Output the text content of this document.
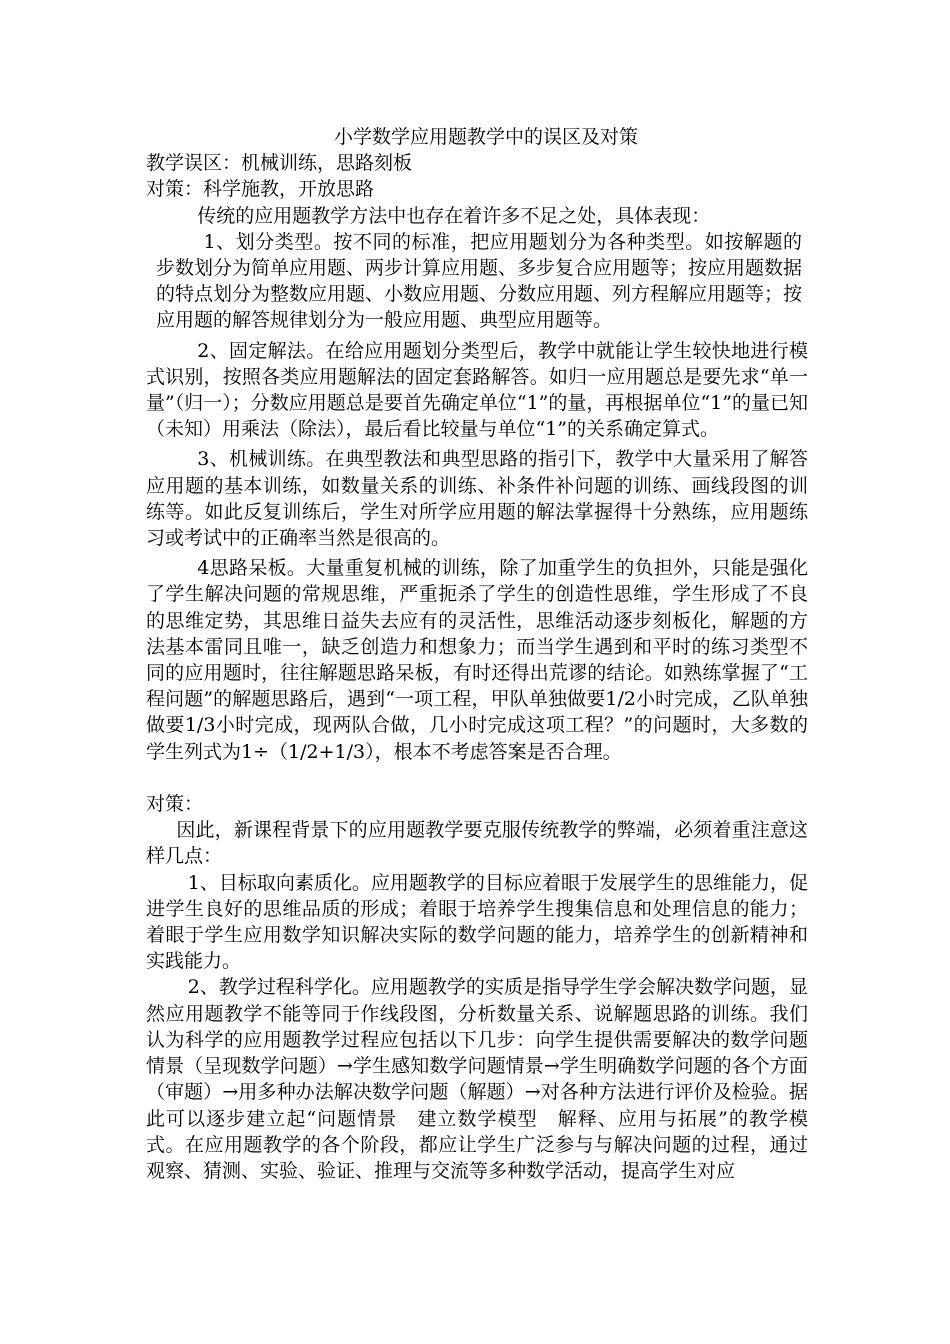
小学数学应用题教学中的误区及对策

教学误区：机械训练，思路刻板

对策：科学施教，开放思路

传统的应用题教学方法中也存在着许多不足之处，具体表现：

1、划分类型。按不同的标准，把应用题划分为各种类型。如按解题的步数划分为简单应用题、两步计算应用题、多步复合应用题等；按应用题数据的特点划分为整数应用题、小数应用题、分数应用题、列方程解应用题等；按应用题的解答规律划分为一般应用题、典型应用题等。

2、固定解法。在给应用题划分类型后，教学中就能让学生较快地进行模式识别，按照各类应用题解法的固定套路解答。如归一应用题总是要先求“单一量”（归一）；分数应用题总是要首先确定单位“1”的量，再根据单位“1”的量已知（未知）用乘法（除法），最后看比较量与单位“1”的关系确定算式。

3、机械训练。在典型教法和典型思路的指引下，教学中大量采用了解答应用题的基本训练，如数量关系的训练、补条件补问题的训练、画线段图的训练等。如此反复训练后，学生对所学应用题的解法掌握得十分熟练，应用题练习或考试中的正确率当然是很高的。

4思路呆板。大量重复机械的训练，除了加重学生的负担外，只能是强化了学生解决问题的常规思维，严重扼杀了学生的创造性思维，学生形成了不良的思维定势，其思维日益失去应有的灵活性，思维活动逐步刻板化，解题的方法基本雷同且唯一，缺乏创造力和想象力；而当学生遇到和平时的练习类型不同的应用题时，往往解题思路呆板，有时还得出荒谬的结论。如熟练掌握了“工程问题”的解题思路后，遇到“一项工程，甲队单独做要1/2小时完成，乙队单独做要1/3小时完成，现两队合做，几小时完成这项工程？”的问题时，大多数的学生列式为1÷（1/2+1/3），根本不考虑答案是否合理。

对策：

因此，新课程背景下的应用题教学要克服传统教学的弊端，必须着重注意这样几点：

1、目标取向素质化。应用题教学的目标应着眼于发展学生的思维能力，促进学生良好的思维品质的形成；着眼于培养学生搜集信息和处理信息的能力；着眼于学生应用数学知识解决实际的数学问题的能力，培养学生的创新精神和实践能力。

2、教学过程科学化。应用题教学的实质是指导学生学会解决数学问题，显然应用题教学不能等同于作线段图，分析数量关系、说解题思路的训练。我们认为科学的应用题教学过程应包括以下几步：向学生提供需要解决的数学问题情景（呈现数学问题）→学生感知数学问题情景→学生明确数学问题的各个方面（审题）→用多种办法解决数学问题（解题）→对各种方法进行评价及检验。据此可以逐步建立起“问题情景　建立数学模型　解释、应用与拓展”的教学模式。在应用题教学的各个阶段，都应让学生广泛参与与解决问题的过程，通过观察、猜测、实验、验证、推理与交流等多种数学活动，提高学生对应
